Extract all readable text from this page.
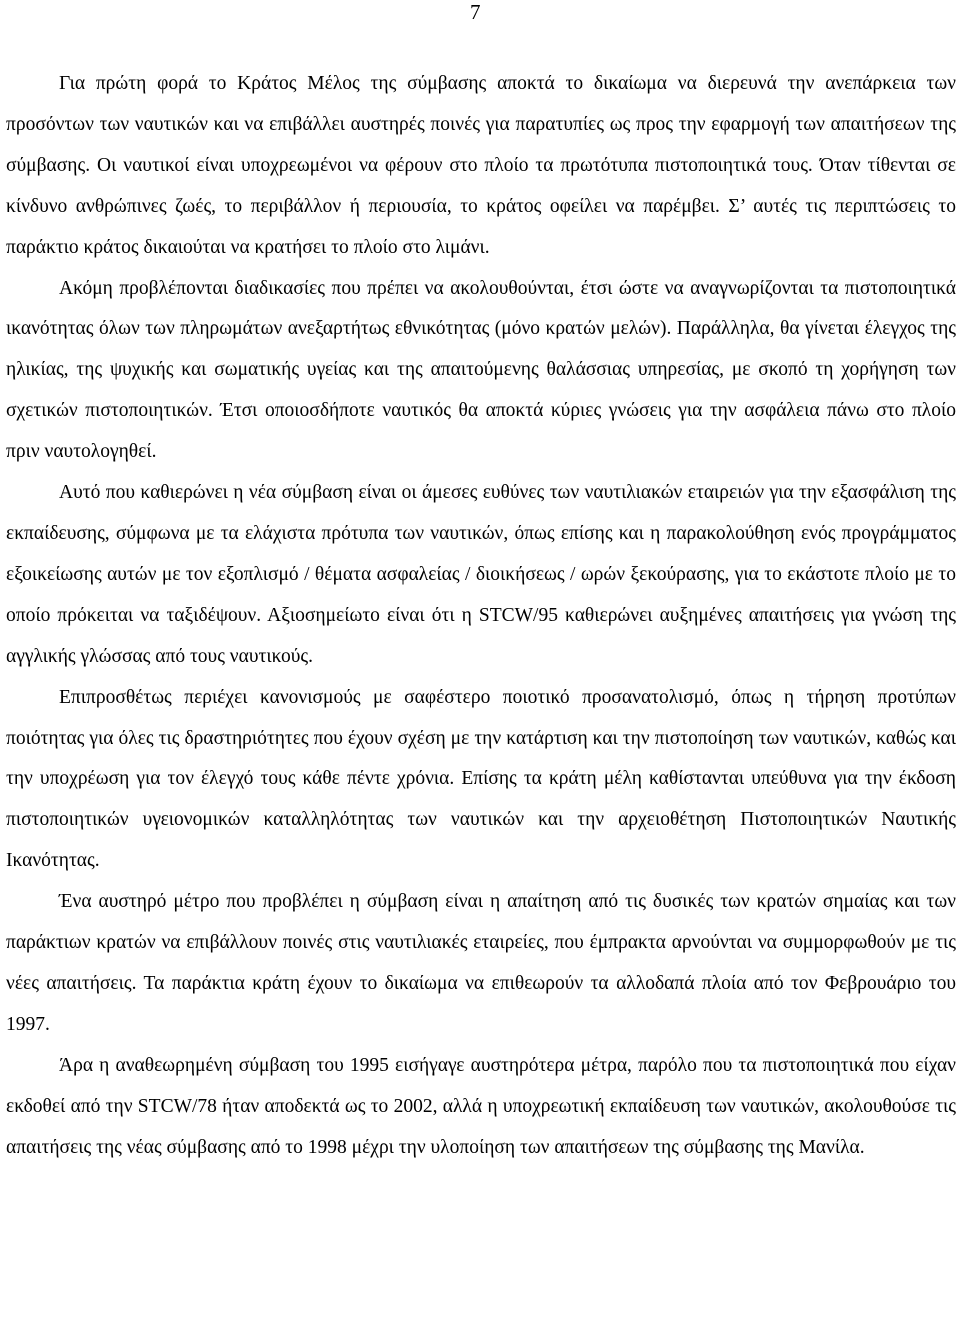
7

Για πρώτη φορά το Κράτος Μέλος της σύμβασης αποκτά το δικαίωμα να διερευνά την ανεπάρκεια των προσόντων των ναυτικών και να επιβάλλει αυστηρές ποινές για παρατυπίες ως προς την εφαρμογή των απαιτήσεων της σύμβασης. Οι ναυτικοί είναι υποχρεωμένοι να φέρουν στο πλοίο τα πρωτότυπα πιστοποιητικά τους. Όταν τίθενται σε κίνδυνο ανθρώπινες ζωές, το περιβάλλον ή περιουσία, το κράτος οφείλει να παρέμβει. Σ’ αυτές τις περιπτώσεις το παράκτιο κράτος δικαιούται να κρατήσει το πλοίο στο λιμάνι.

Ακόμη προβλέπονται διαδικασίες που πρέπει να ακολουθούνται, έτσι ώστε να αναγνωρίζονται τα πιστοποιητικά ικανότητας όλων των πληρωμάτων ανεξαρτήτως εθνικότητας (μόνο κρατών μελών). Παράλληλα, θα γίνεται έλεγχος της ηλικίας, της ψυχικής και σωματικής υγείας και της απαιτούμενης θαλάσσιας υπηρεσίας, με σκοπό τη χορήγηση των σχετικών πιστοποιητικών. Έτσι οποιοσδήποτε ναυτικός θα αποκτά κύριες γνώσεις για την ασφάλεια πάνω στο πλοίο πριν ναυτολογηθεί.

Αυτό που καθιερώνει η νέα σύμβαση είναι οι άμεσες ευθύνες των ναυτιλιακών εταιρειών για την εξασφάλιση της εκπαίδευσης, σύμφωνα με τα ελάχιστα πρότυπα των ναυτικών, όπως επίσης και η παρακολούθηση ενός προγράμματος εξοικείωσης αυτών με τον εξοπλισμό / θέματα ασφαλείας / διοικήσεως / ωρών ξεκούρασης, για το εκάστοτε πλοίο με το οποίο πρόκειται να ταξιδέψουν. Αξιοσημείωτο είναι ότι η STCW/95 καθιερώνει αυξημένες απαιτήσεις για γνώση της αγγλικής γλώσσας από τους ναυτικούς.

Επιπροσθέτως περιέχει κανονισμούς με σαφέστερο ποιοτικό προσανατολισμό, όπως η τήρηση προτύπων ποιότητας για όλες τις δραστηριότητες που έχουν σχέση με την κατάρτιση και την πιστοποίηση των ναυτικών, καθώς και την υποχρέωση για τον έλεγχό τους κάθε πέντε χρόνια. Επίσης τα κράτη μέλη καθίστανται υπεύθυνα για την έκδοση πιστοποιητικών υγειονομικών καταλληλότητας των ναυτικών και την αρχειοθέτηση Πιστοποιητικών Ναυτικής Ικανότητας.

Ένα αυστηρό μέτρο που προβλέπει η σύμβαση είναι η απαίτηση από τις δυσικές των κρατών σημαίας και των παράκτιων κρατών να επιβάλλουν ποινές στις ναυτιλιακές εταιρείες, που έμπρακτα αρνούνται να συμμορφωθούν με τις νέες απαιτήσεις. Τα παράκτια κράτη έχουν το δικαίωμα να επιθεωρούν τα αλλοδαπά πλοία από τον Φεβρουάριο του 1997.

Άρα η αναθεωρημένη σύμβαση του 1995 εισήγαγε αυστηρότερα μέτρα, παρόλο που τα πιστοποιητικά που είχαν εκδοθεί από την STCW/78 ήταν αποδεκτά ως το 2002, αλλά η υποχρεωτική εκπαίδευση των ναυτικών, ακολουθούσε τις απαιτήσεις της νέας σύμβασης από το 1998 μέχρι την υλοποίηση των απαιτήσεων της σύμβασης της Μανίλα.
